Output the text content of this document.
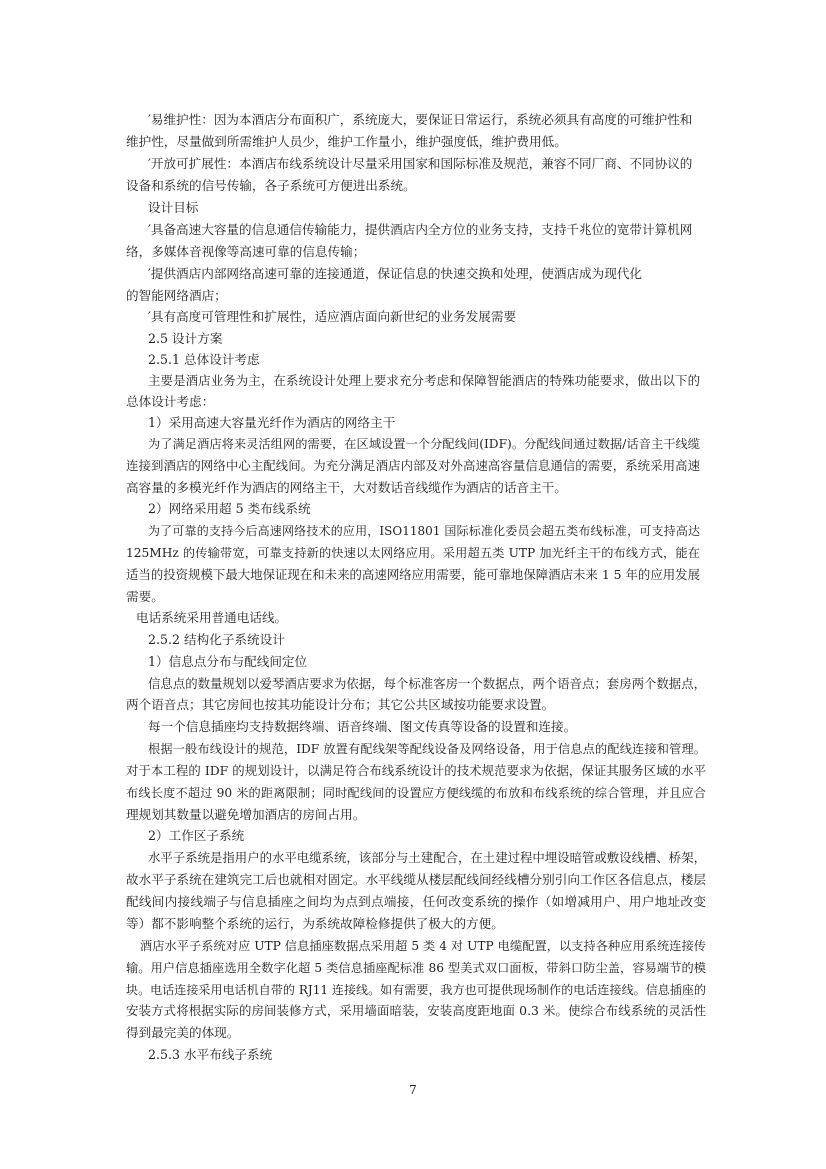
′易维护性：因为本酒店分布面积广，系统庞大，要保证日常运行，系统必须具有高度的可维护性和
维护性，尽量做到所需维护人员少，维护工作量小，维护强度低，维护费用低。
′开放可扩展性：本酒店布线系统设计尽量采用国家和国际标准及规范，兼容不同厂商、不同协议的
设备和系统的信号传输，各子系统可方便进出系统。
设计目标
′具备高速大容量的信息通信传输能力，提供酒店内全方位的业务支持，支持千兆位的宽带计算机网
络，多媒体音视像等高速可靠的信息传输；
′提供酒店内部网络高速可靠的连接通道，保证信息的快速交换和处理，使酒店成为现代化
的智能网络酒店；
′具有高度可管理性和扩展性，适应酒店面向新世纪的业务发展需要
2.5 设计方案
2.5.1 总体设计考虑
主要是酒店业务为主，在系统设计处理上要求充分考虑和保障智能酒店的特殊功能要求，做出以下的
总体设计考虑：
1）采用高速大容量光纤作为酒店的网络主干
为了满足酒店将来灵活组网的需要，在区域设置一个分配线间(IDF)。分配线间通过数据/话音主干线缆
连接到酒店的网络中心主配线间。为充分满足酒店内部及对外高速高容量信息通信的需要，系统采用高速
高容量的多模光纤作为酒店的网络主干，大对数话音线缆作为酒店的话音主干。
2）网络采用超 5 类布线系统
为了可靠的支持今后高速网络技术的应用，ISO11801 国际标准化委员会超五类布线标准，可支持高达
125MHz 的传输带宽，可靠支持新的快速以太网络应用。采用超五类 UTP 加光纤主干的布线方式，能在
适当的投资规模下最大地保证现在和未来的高速网络应用需要，能可靠地保障酒店未来 1 5 年的应用发展
需要。
电话系统采用普通电话线。
2.5.2 结构化子系统设计
1）信息点分布与配线间定位
信息点的数量规划以爱琴酒店要求为依据，每个标准客房一个数据点，两个语音点；套房两个数据点，
两个语音点；其它房间也按其功能设计分布；其它公共区域按功能要求设置。
每一个信息插座均支持数据终端、语音终端、图文传真等设备的设置和连接。
根据一般布线设计的规范，IDF 放置有配线架等配线设备及网络设备，用于信息点的配线连接和管理。
对于本工程的 IDF 的规划设计，以满足符合布线系统设计的技术规范要求为依据，保证其服务区域的水平
布线长度不超过 90 米的距离限制；同时配线间的设置应方便线缆的布放和布线系统的综合管理，并且应合
理规划其数量以避免增加酒店的房间占用。
2）工作区子系统
水平子系统是指用户的水平电缆系统，该部分与土建配合，在土建过程中埋设暗管或敷设线槽、桥架，
故水平子系统在建筑完工后也就相对固定。水平线缆从楼层配线间经线槽分别引向工作区各信息点，楼层
配线间内接线端子与信息插座之间均为点到点端接，任何改变系统的操作（如增减用户、用户地址改变
等）都不影响整个系统的运行，为系统故障检修提供了极大的方便。
酒店水平子系统对应 UTP 信息插座数据点采用超 5 类 4 对 UTP 电缆配置，以支持各种应用系统连接传
输。用户信息插座选用全数字化超 5 类信息插座配标准 86 型美式双口面板，带斜口防尘盖，容易端节的模
块。电话连接采用电话机自带的 RJ11 连接线。如有需要，我方也可提供现场制作的电话连接线。信息插座的
安装方式将根据实际的房间装修方式，采用墙面暗装，安装高度距地面 0.3 米。使综合布线系统的灵活性
得到最完美的体现。
2.5.3 水平布线子系统
7
